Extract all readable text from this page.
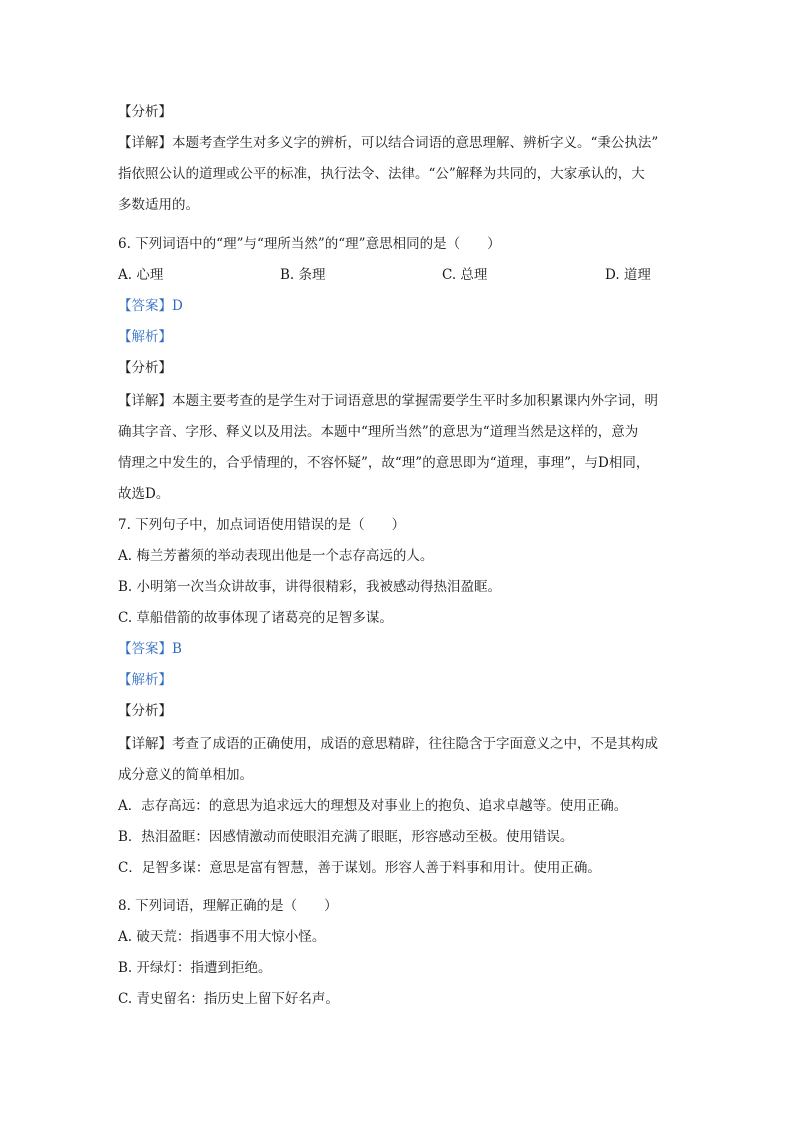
【分析】
【详解】本题考查学生对多义字的辨析，可以结合词语的意思理解、辨析字义。“秉公执法”
指依照公认的道理或公平的标准，执行法令、法律。“公”解释为共同的，大家承认的，大
多数适用的。
6. 下列词语中的“理”与“理所当然”的“理”意思相同的是（　　）
A. 心理	B. 条理	C. 总理	D. 道理
【答案】D
【解析】
【分析】
【详解】本题主要考查的是学生对于词语意思的掌握需要学生平时多加积累课内外字词，明
确其字音、字形、释义以及用法。本题中“理所当然”的意思为“道理当然是这样的，意为
情理之中发生的，合乎情理的，不容怀疑”，故“理”的意思即为“道理，事理”，与D相同，
故选D。
7. 下列句子中，加点词语使用错误的是（　　）
A. 梅兰芳蓄须的举动表现出他是一个志存高远的人。
B. 小明第一次当众讲故事，讲得很精彩，我被感动得热泪盈眶。
C. 草船借箭的故事体现了诸葛亮的足智多谋。
【答案】B
【解析】
【分析】
【详解】考查了成语的正确使用，成语的意思精辟，往往隐含于字面意义之中，不是其构成
成分意义的简单相加。
A．志存高远：的意思为追求远大的理想及对事业上的抱负、追求卓越等。使用正确。
B．热泪盈眶：因感情激动而使眼泪充满了眼眶，形容感动至极。使用错误。
C．足智多谋：意思是富有智慧，善于谋划。形容人善于料事和用计。使用正确。
8. 下列词语，理解正确的是（　　）
A. 破天荒：指遇事不用大惊小怪。
B. 开绿灯：指遭到拒绝。
C. 青史留名：指历史上留下好名声。
